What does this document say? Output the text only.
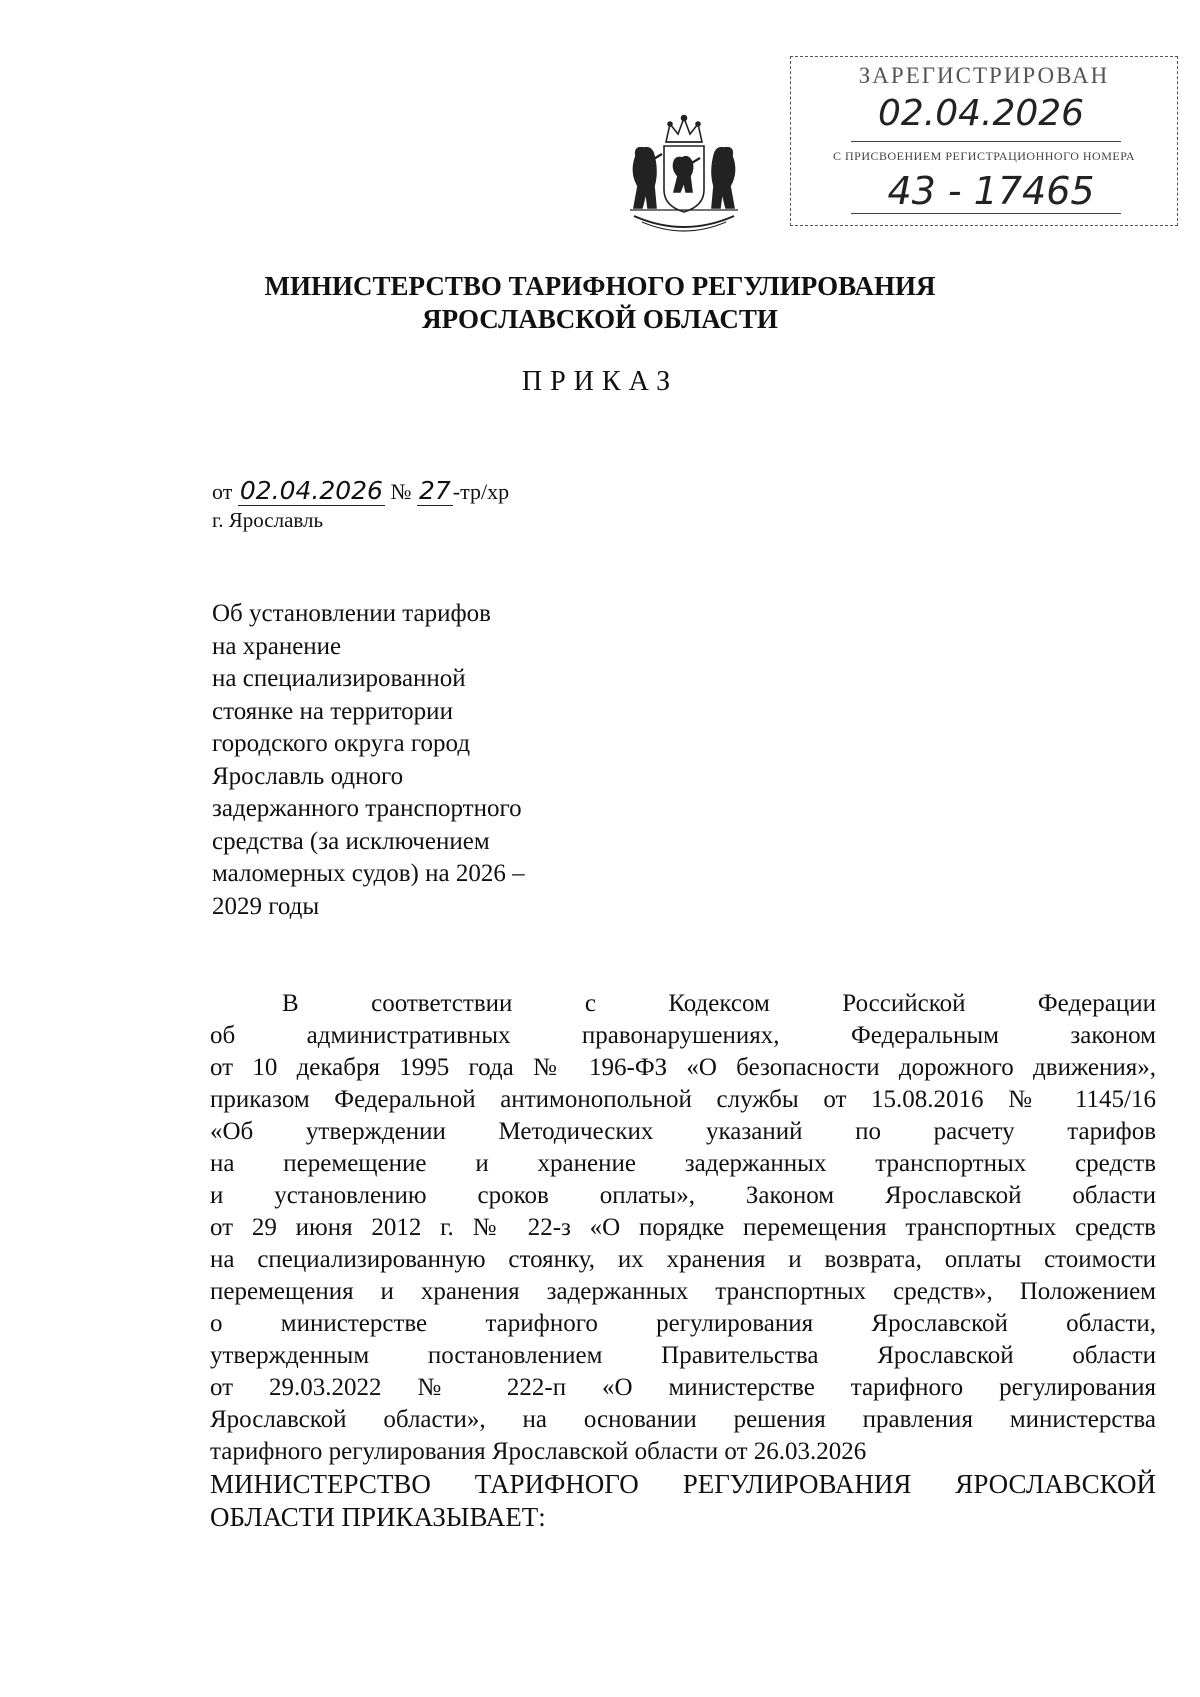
ЗАРЕГИСТРИРОВАН
02.04.2026
С ПРИСВОЕНИЕМ РЕГИСТРАЦИОННОГО НОМЕРА
43 - 17465
МИНИСТЕРСТВО ТАРИФНОГО РЕГУЛИРОВАНИЯ
ЯРОСЛАВСКОЙ ОБЛАСТИ
ПРИКАЗ
от 02.04.2026 № 27-тр/хр
г. Ярославль
Об установлении тарифов
на хранение
на специализированной
стоянке на территории
городского округа город
Ярославль одного
задержанного транспортного
средства (за исключением
маломерных судов) на 2026 –
2029 годы
В соответствии с Кодексом Российской Федерации
об административных правонарушениях, Федеральным законом
от 10 декабря 1995 года № 196-ФЗ «О безопасности дорожного движения»,
приказом Федеральной антимонопольной службы от 15.08.2016 № 1145/16
«Об утверждении Методических указаний по расчету тарифов
на перемещение и хранение задержанных транспортных средств
и установлению сроков оплаты», Законом Ярославской области
от 29 июня 2012 г. № 22-з «О порядке перемещения транспортных средств
на специализированную стоянку, их хранения и возврата, оплаты стоимости
перемещения и хранения задержанных транспортных средств», Положением
о министерстве тарифного регулирования Ярославской области,
утвержденным постановлением Правительства Ярославской области
от 29.03.2022 № 222-п «О министерстве тарифного регулирования
Ярославской области», на основании решения правления министерства
тарифного регулирования Ярославской области от 26.03.2026
МИНИСТЕРСТВО ТАРИФНОГО РЕГУЛИРОВАНИЯ ЯРОСЛАВСКОЙ
ОБЛАСТИ ПРИКАЗЫВАЕТ:
